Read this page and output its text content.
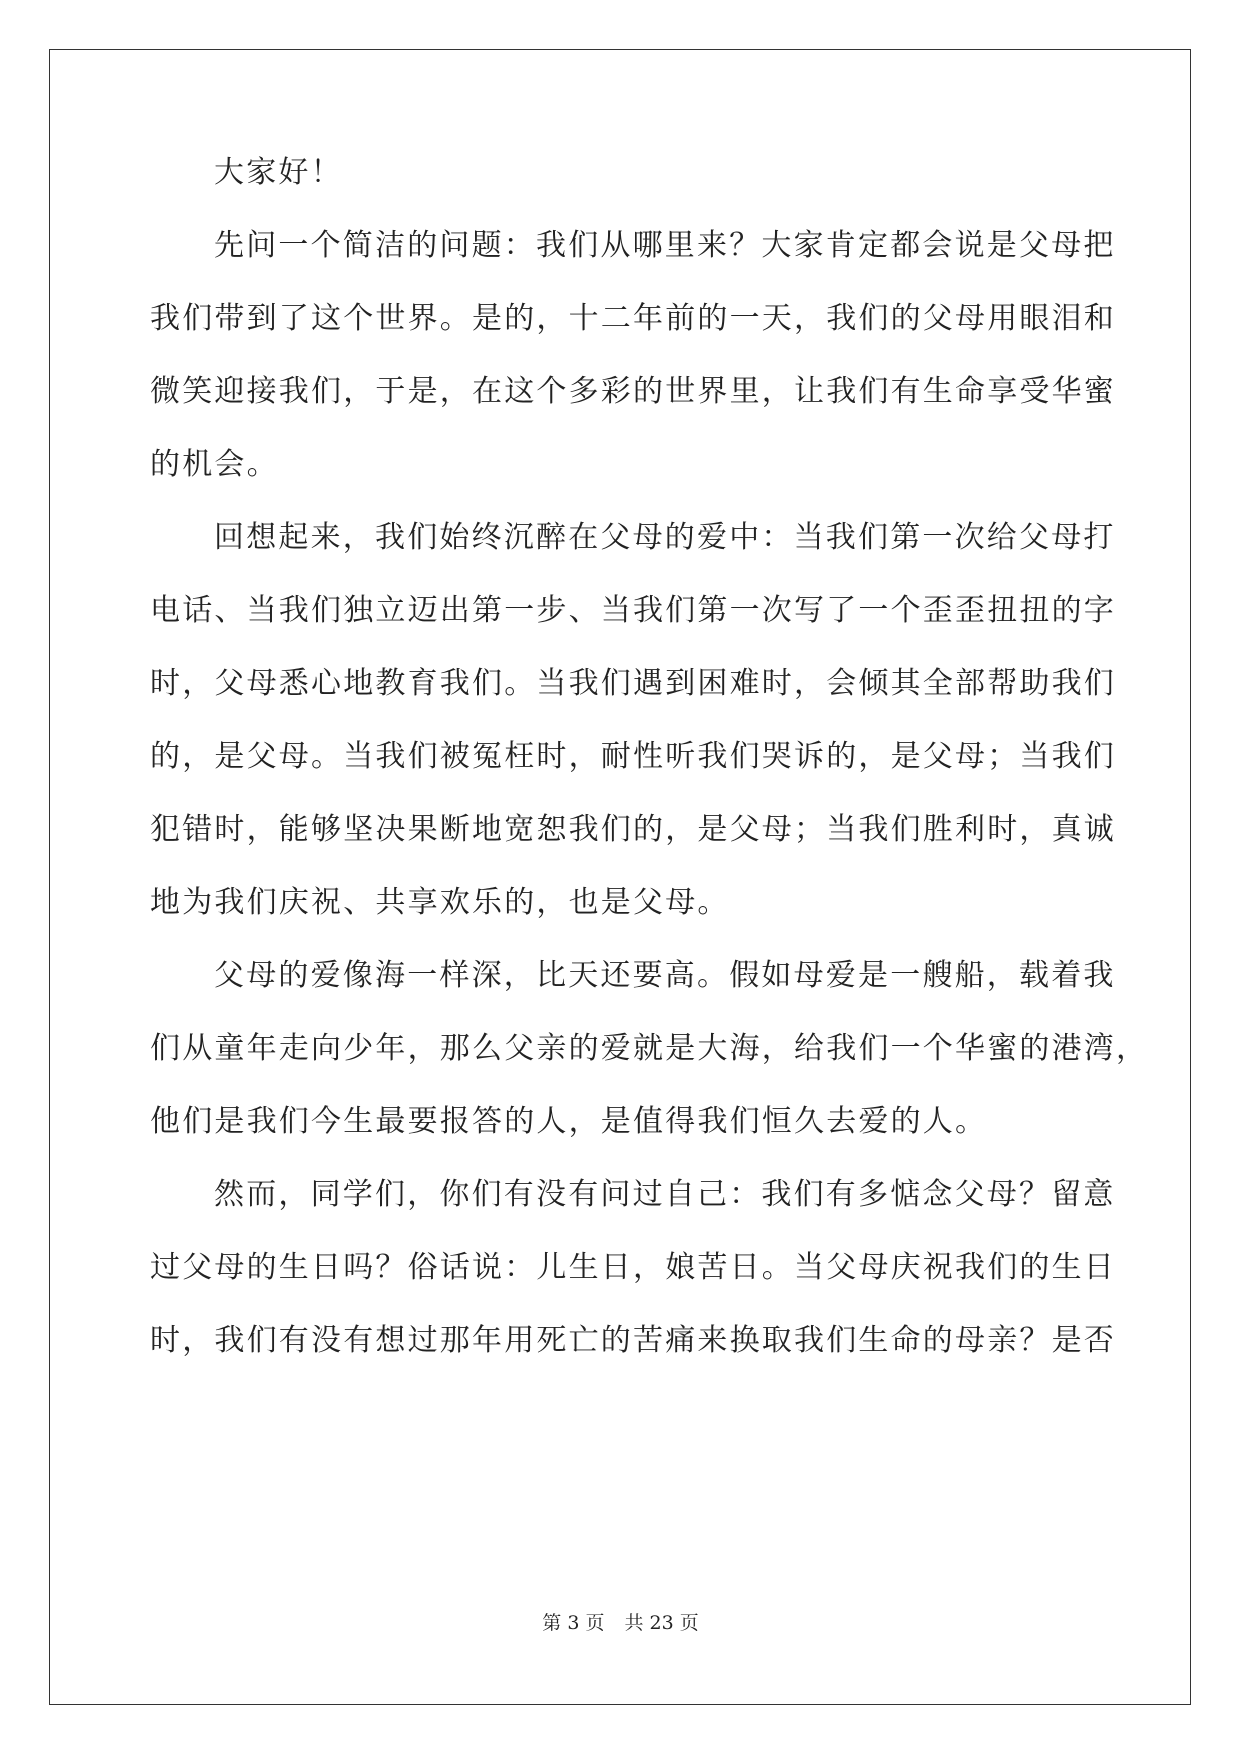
大家好！
先问一个简洁的问题：我们从哪里来？大家肯定都会说是父母把
我们带到了这个世界。是的，十二年前的一天，我们的父母用眼泪和
微笑迎接我们，于是，在这个多彩的世界里，让我们有生命享受华蜜
的机会。
回想起来，我们始终沉醉在父母的爱中：当我们第一次给父母打
电话、当我们独立迈出第一步、当我们第一次写了一个歪歪扭扭的字
时，父母悉心地教育我们。当我们遇到困难时，会倾其全部帮助我们
的，是父母。当我们被冤枉时，耐性听我们哭诉的，是父母；当我们
犯错时，能够坚决果断地宽恕我们的，是父母；当我们胜利时，真诚
地为我们庆祝、共享欢乐的，也是父母。
父母的爱像海一样深，比天还要高。假如母爱是一艘船，载着我
们从童年走向少年，那么父亲的爱就是大海，给我们一个华蜜的港湾，
他们是我们今生最要报答的人，是值得我们恒久去爱的人。
然而，同学们，你们有没有问过自己：我们有多惦念父母？留意
过父母的生日吗？俗话说：儿生日，娘苦日。当父母庆祝我们的生日
时，我们有没有想过那年用死亡的苦痛来换取我们生命的母亲？是否
第 3 页 共 23 页
